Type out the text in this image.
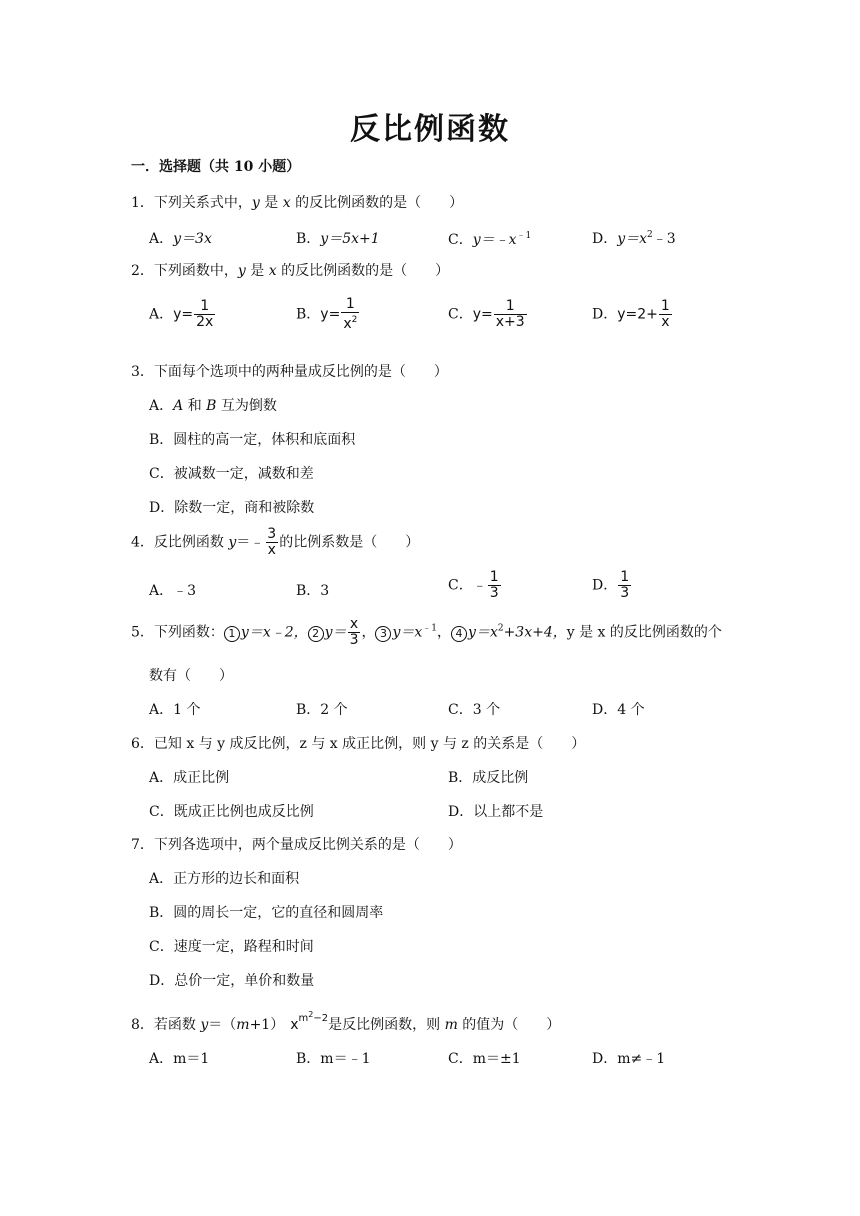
反比例函数
一．选择题（共 10 小题）
1．下列关系式中，y 是 x 的反比例函数的是（　　）
A．y＝3x	B．y＝5x+1	C．$y=﹣x^{﹣1}$	D．$y=x^2﹣3$
2．下列函数中，y 是 x 的反比例函数的是（　　）
A．$y= \frac{1}{2x}$	B．$y= \frac{1}{x^2}$	C．$y= \frac{1}{x+3}$	D．$y=2+ \frac{1}{x}$
3．下面每个选项中的两种量成反比例的是（　　）
A．A 和 B 互为倒数
B．圆柱的高一定，体积和底面积
C．被减数一定，减数和差
D．除数一定，商和被除数
4．反比例函数 y＝﹣ $\frac{3}{x}$ 的比例系数是（　　）
A．﹣3	B．3	C．﹣ $\frac{1}{3}$	D． $\frac{1}{3}$
5．下列函数： 1 y＝x﹣2， 2 $y= \frac{x}{3}$ ， 3 $y=x^{﹣1}$， 4 $y=x^2+3x+4$，y 是 x 的反比例函数的个
数有（　　）
A．1 个	B．2 个	C．3 个	D．4 个
6．已知 x 与 y 成反比例，z 与 x 成正比例，则 y 与 z 的关系是（　　）
A．成正比例	B．成反比例
C．既成正比例也成反比例	D．以上都不是
7．下列各选项中，两个量成反比例关系的是（　　）
A．正方形的边长和面积
B．圆的周长一定，它的直径和圆周率
C．速度一定，路程和时间
D．总价一定，单价和数量
8．若函数 y＝（m+1） $x^{m^2-2}$是反比例函数，则 m 的值为（　　）
A．m＝1	B．m＝﹣1	C．m＝±1	D．m≠﹣1
